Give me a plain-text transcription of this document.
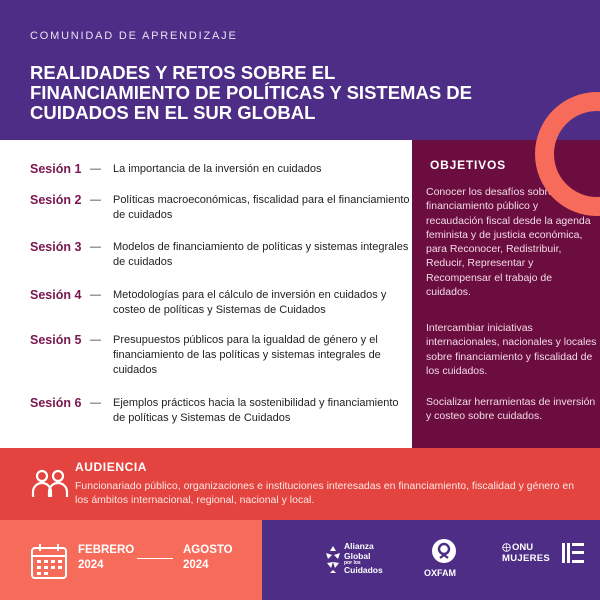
COMUNIDAD DE APRENDIZAJE
REALIDADES Y RETOS SOBRE EL FINANCIAMIENTO DE POLÍTICAS Y SISTEMAS DE CUIDADOS EN EL SUR GLOBAL
Sesión 1 —	La importancia de la inversión en cuidados
Sesión 2 —	Políticas macroeconómicas, fiscalidad para el financiamiento de cuidados
Sesión 3 —	Modelos de financiamiento de políticas y sistemas integrales de cuidados
Sesión 4 —	Metodologías para el cálculo de inversión en cuidados y costeo de políticas y Sistemas de Cuidados
Sesión 5 —	Presupuestos públicos para la igualdad de género y el financiamiento de las políticas y sistemas integrales de cuidados
Sesión 6 —	Ejemplos prácticos hacia la sostenibilidad y financiamiento de políticas y Sistemas de Cuidados
OBJETIVOS
Conocer los desafíos sobre financiamiento público y recaudación fiscal desde la agenda feminista y de justicia económica, para Reconocer, Redistribuir, Reducir, Representar y Recompensar el trabajo de cuidados.
Intercambiar iniciativas internacionales, nacionales y locales sobre financiamiento y fiscalidad de los cuidados.
Socializar herramientas de inversión y costeo sobre cuidados.
AUDIENCIA
Funcionariado público, organizaciones e instituciones interesadas en financiamiento, fiscalidad y género en los ámbitos internacional, regional, nacional y local.
FEBRERO
2024
AGOSTO
2024
Alianza
Global
por los
Cuidados	OXFAM
ONU
MUJERES
